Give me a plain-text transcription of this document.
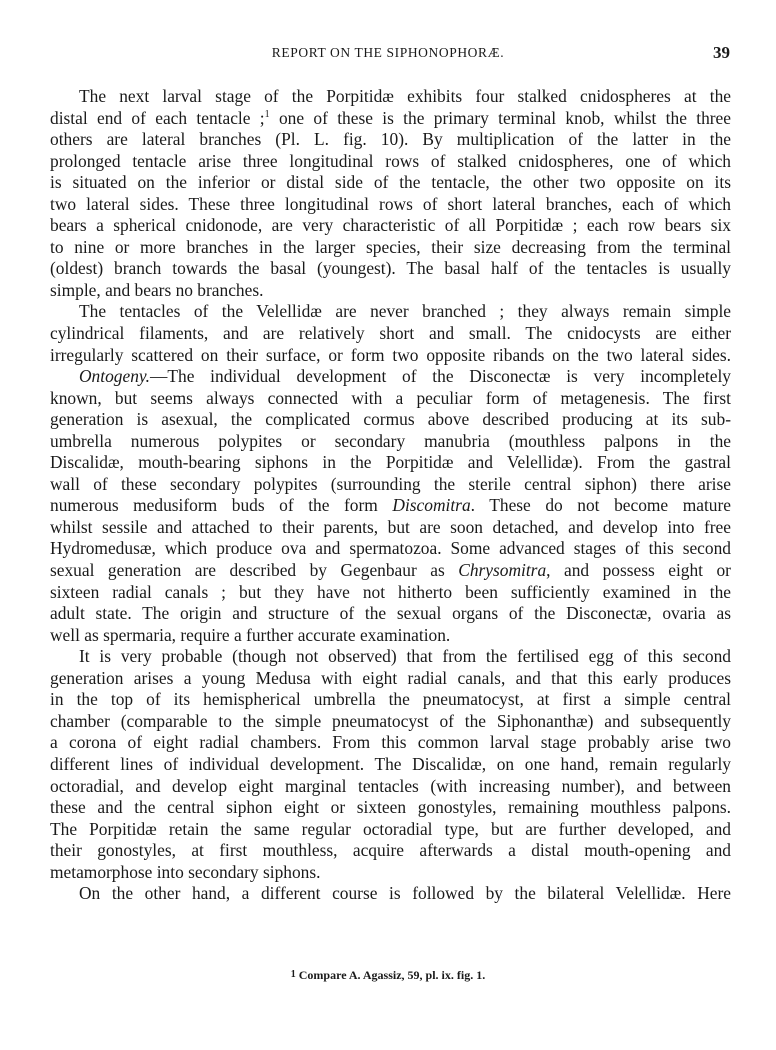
REPORT ON THE SIPHONOPHORÆ.	39
The next larval stage of the Porpitidæ exhibits four stalked cnidospheres at the
distal end of each tentacle ;$^1$ one of these is the primary terminal knob, whilst the three
others are lateral branches (Pl. L. fig. 10). By multiplication of the latter in the
prolonged tentacle arise three longitudinal rows of stalked cnidospheres, one of which
is situated on the inferior or distal side of the tentacle, the other two opposite on its
two lateral sides. These three longitudinal rows of short lateral branches, each of which
bears a spherical cnidonode, are very characteristic of all Porpitidæ ; each row bears six
to nine or more branches in the larger species, their size decreasing from the terminal
(oldest) branch towards the basal (youngest). The basal half of the tentacles is usually
simple, and bears no branches.
The tentacles of the Velellidæ are never branched ; they always remain simple
cylindrical filaments, and are relatively short and small. The cnidocysts are either
irregularly scattered on their surface, or form two opposite ribands on the two lateral sides.
Ontogeny.—The individual development of the Disconectæ is very incompletely
known, but seems always connected with a peculiar form of metagenesis. The first
generation is asexual, the complicated cormus above described producing at its sub-
umbrella numerous polypites or secondary manubria (mouthless palpons in the
Discalidæ, mouth-bearing siphons in the Porpitidæ and Velellidæ). From the gastral
wall of these secondary polypites (surrounding the sterile central siphon) there arise
numerous medusiform buds of the form Discomitra. These do not become mature
whilst sessile and attached to their parents, but are soon detached, and develop into free
Hydromedusæ, which produce ova and spermatozoa. Some advanced stages of this second
sexual generation are described by Gegenbaur as Chrysomitra, and possess eight or
sixteen radial canals ; but they have not hitherto been sufficiently examined in the
adult state. The origin and structure of the sexual organs of the Disconectæ, ovaria as
well as spermaria, require a further accurate examination.
It is very probable (though not observed) that from the fertilised egg of this second
generation arises a young Medusa with eight radial canals, and that this early produces
in the top of its hemispherical umbrella the pneumatocyst, at first a simple central
chamber (comparable to the simple pneumatocyst of the Siphonanthæ) and subsequently
a corona of eight radial chambers. From this common larval stage probably arise two
different lines of individual development. The Discalidæ, on one hand, remain regularly
octoradial, and develop eight marginal tentacles (with increasing number), and between
these and the central siphon eight or sixteen gonostyles, remaining mouthless palpons.
The Porpitidæ retain the same regular octoradial type, but are further developed, and
their gonostyles, at first mouthless, acquire afterwards a distal mouth-opening and
metamorphose into secondary siphons.
On the other hand, a different course is followed by the bilateral Velellidæ. Here
$^1$ Compare A. Agassiz, 59, pl. ix. fig. 1.
